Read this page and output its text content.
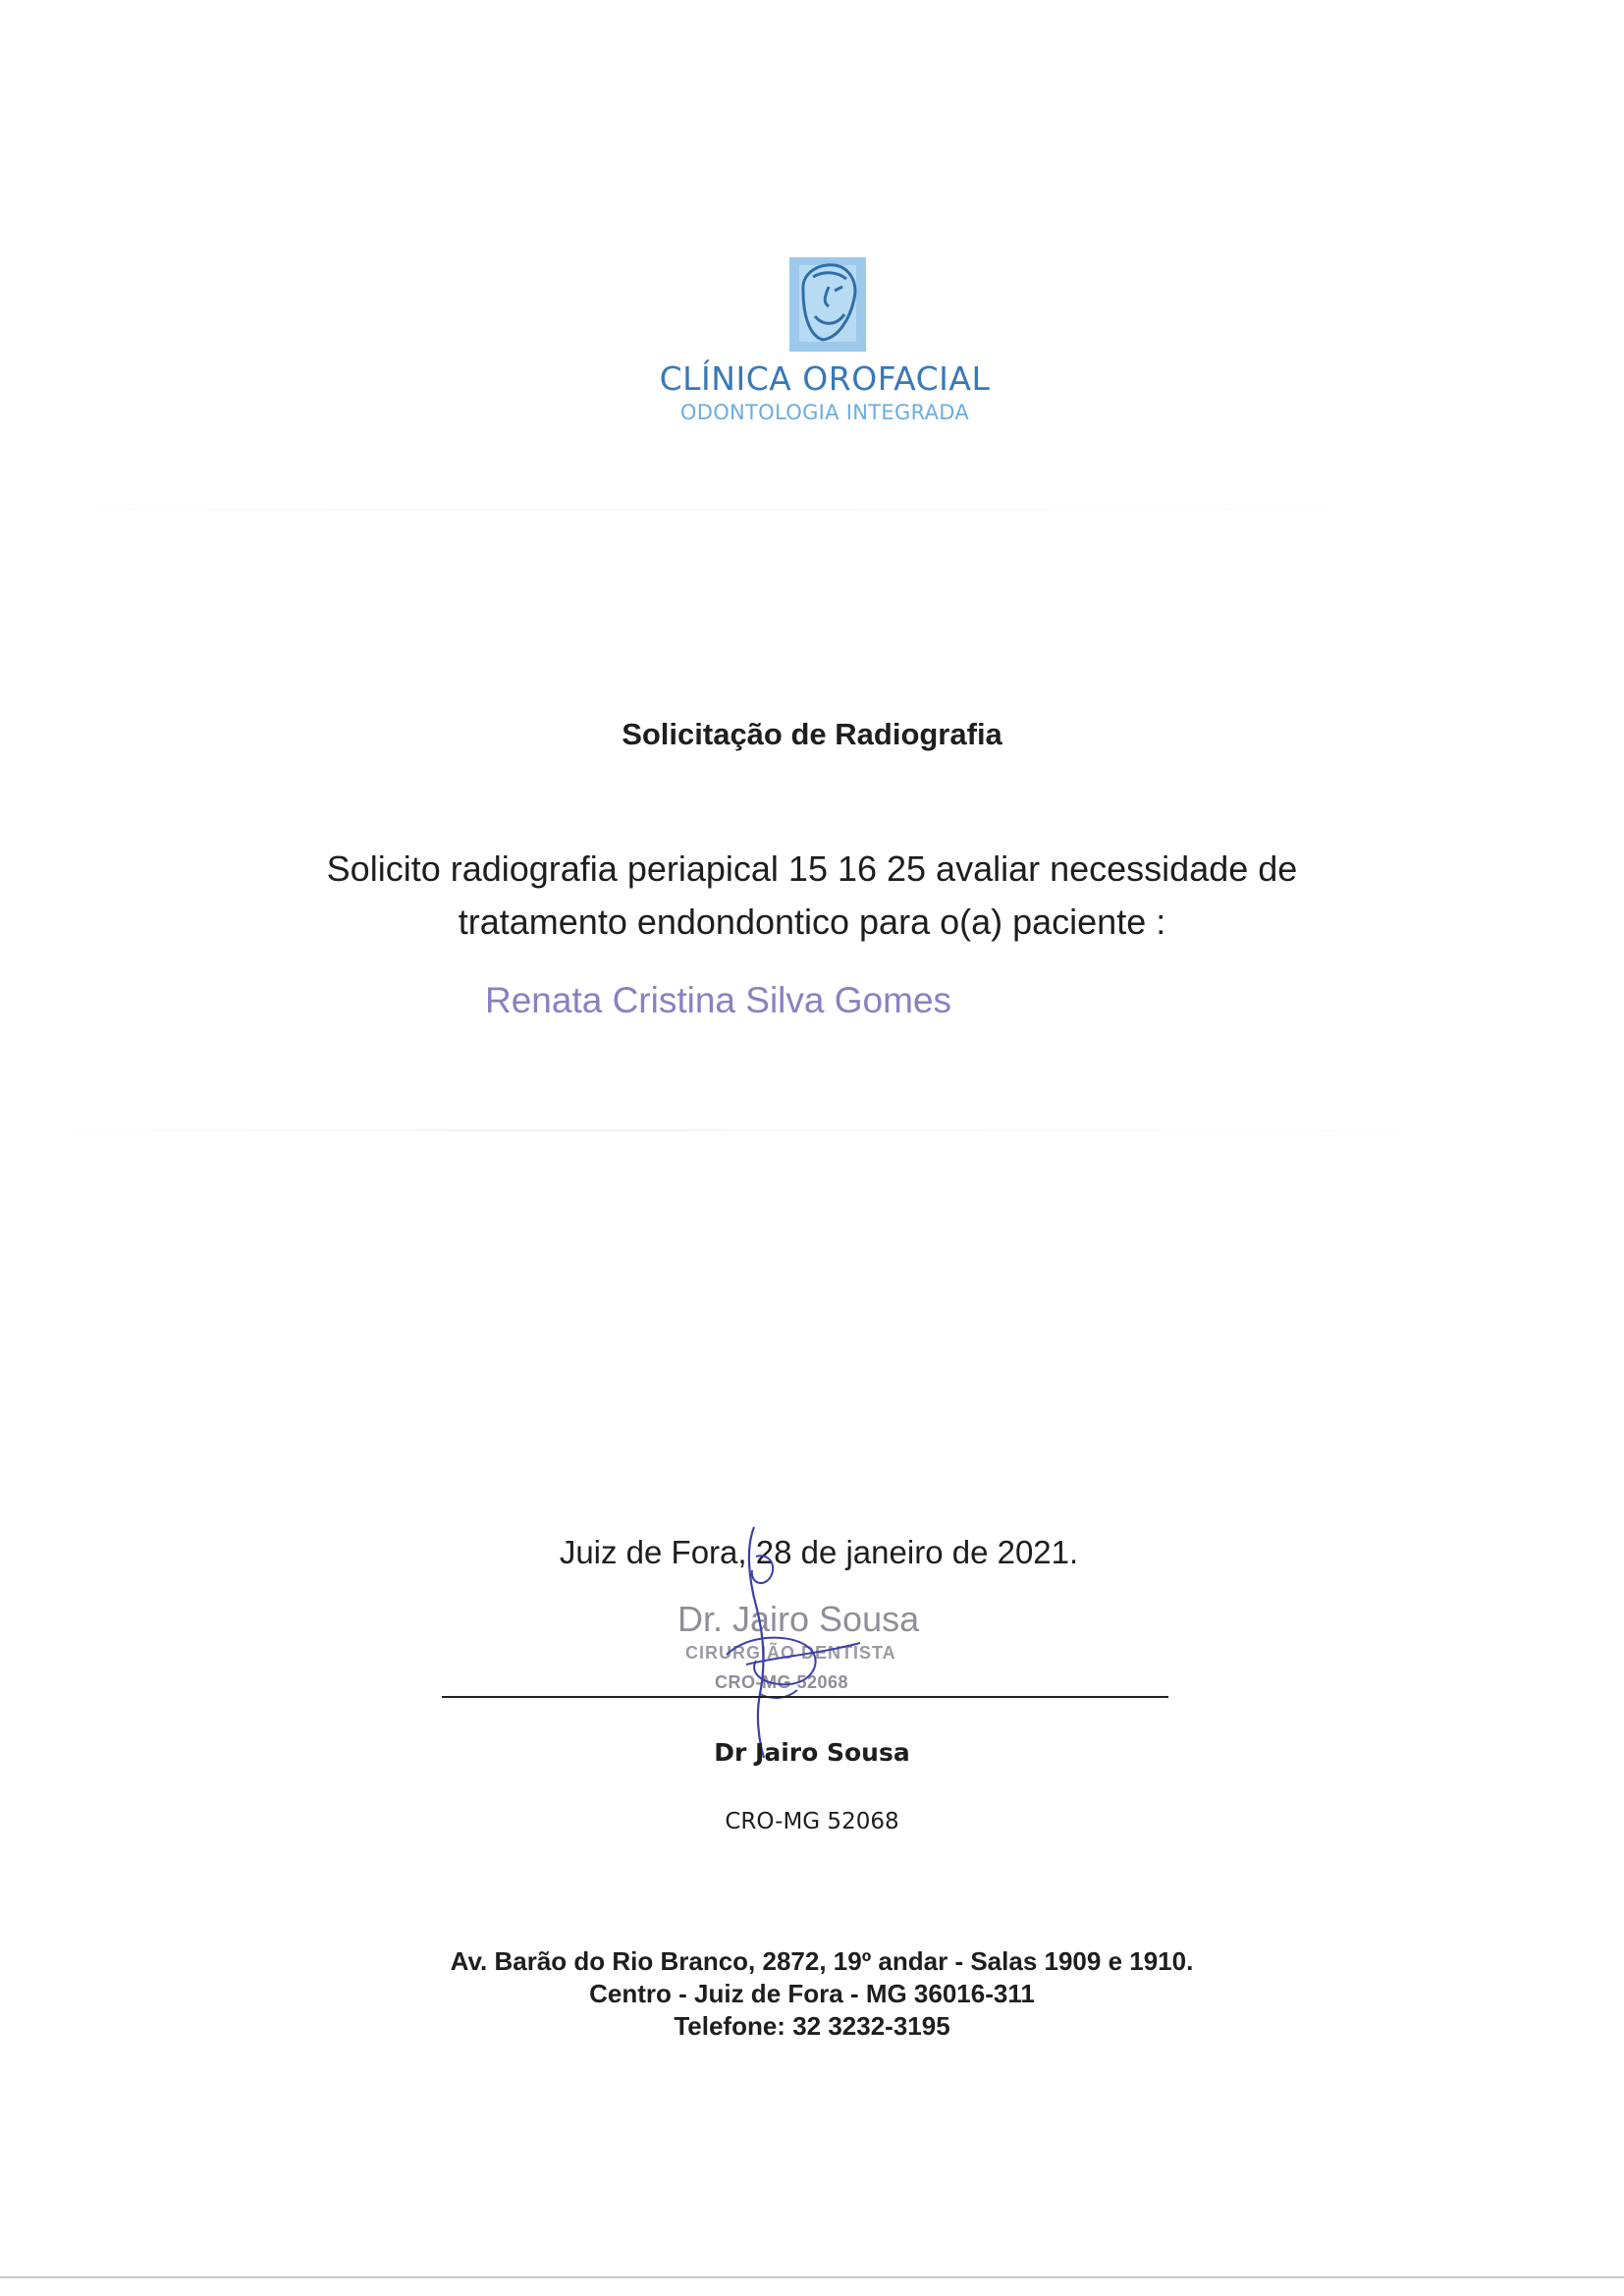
CLÍNICA OROFACIAL
ODONTOLOGIA INTEGRADA
Solicitação de Radiografia
Solicito radiografia periapical 15 16 25 avaliar necessidade de
tratamento endondontico para o(a) paciente :
Renata Cristina Silva Gomes
Juiz de Fora, 28 de janeiro de 2021.
Dr. Jairo Sousa
CIRURGIÃO DENTISTA
CRO-MG 52068
Dr Jairo Sousa
CRO-MG 52068
Av. Barão do Rio Branco, 2872, 19º andar - Salas 1909 e 1910.
Centro - Juiz de Fora - MG 36016-311
Telefone: 32 3232-3195
